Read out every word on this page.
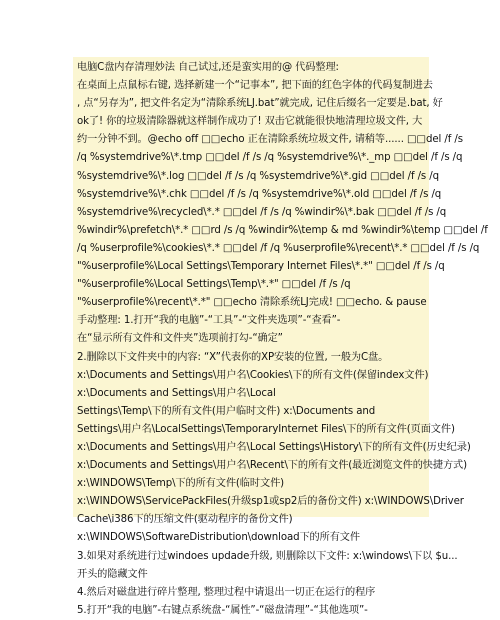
电脑C盘内存清理妙法 自己试过,还是蛮实用的@ 代码整理:

在桌面上点鼠标右键, 选择新建一个“记事本”, 把下面的红色字体的代码复制进去

, 点“另存为”, 把文件名定为“清除系统LJ.bat”就完成, 记住后缀名一定要是.bat, 好

ok了! 你的垃圾清除器就这样制作成功了! 双击它就能很快地清理垃圾文件, 大

约一分钟不到。@echo off □□echo 正在清除系统垃圾文件, 请稍等...... □□del /f /s

/q %systemdrive%\*.tmp □□del /f /s /q %systemdrive%\*._mp □□del /f /s /q

%systemdrive%\*.log □□del /f /s /q %systemdrive%\*.gid □□del /f /s /q

%systemdrive%\*.chk □□del /f /s /q %systemdrive%\*.old □□del /f /s /q

%systemdrive%\recycled\*.* □□del /f /s /q %windir%\*.bak □□del /f /s /q

%windir%\prefetch\*.* □□rd /s /q %windir%\temp & md %windir%\temp □□del /f

/q %userprofile%\cookies\*.* □□del /f /q %userprofile%\recent\*.* □□del /f /s /q

"%userprofile%\Local Settings\Temporary Internet Files\*.*" □□del /f /s /q

"%userprofile%\Local Settings\Temp\*.*" □□del /f /s /q

"%userprofile%\recent\*.*" □□echo 清除系统LJ完成! □□echo. & pause

手动整理: 1.打开“我的电脑”-“工具”-“文件夹选项”-“查看”-

在“显示所有文件和文件夹”选项前打勾-“确定”

2.删除以下文件夹中的内容: “X”代表你的XP安装的位置, 一般为C盘。

x:\Documents and Settings\用户名\Cookies\下的所有文件(保留index文件)

x:\Documents and Settings\用户名\Local

Settings\Temp\下的所有文件(用户临时文件) x:\Documents and

Settings\用户名\LocalSettings\TemporaryInternet Files\下的所有文件(页面文件)

x:\Documents and Settings\用户名\Local Settings\History\下的所有文件(历史纪录)

x:\Documents and Settings\用户名\Recent\下的所有文件(最近浏览文件的快捷方式)

x:\WINDOWS\Temp\下的所有文件(临时文件)

x:\WINDOWS\ServicePackFiles(升级sp1或sp2后的备份文件) x:\WINDOWS\Driver

Cache\i386下的压缩文件(驱动程序的备份文件)

x:\WINDOWS\SoftwareDistribution\download下的所有文件

3.如果对系统进行过windoes updade升级, 则删除以下文件: x:\windows\下以 $u...

开头的隐藏文件

4.然后对磁盘进行碎片整理, 整理过程中请退出一切正在运行的程序

5.打开“我的电脑”-右键点系统盘-“属性”-“磁盘清理”-“其他选项”-
